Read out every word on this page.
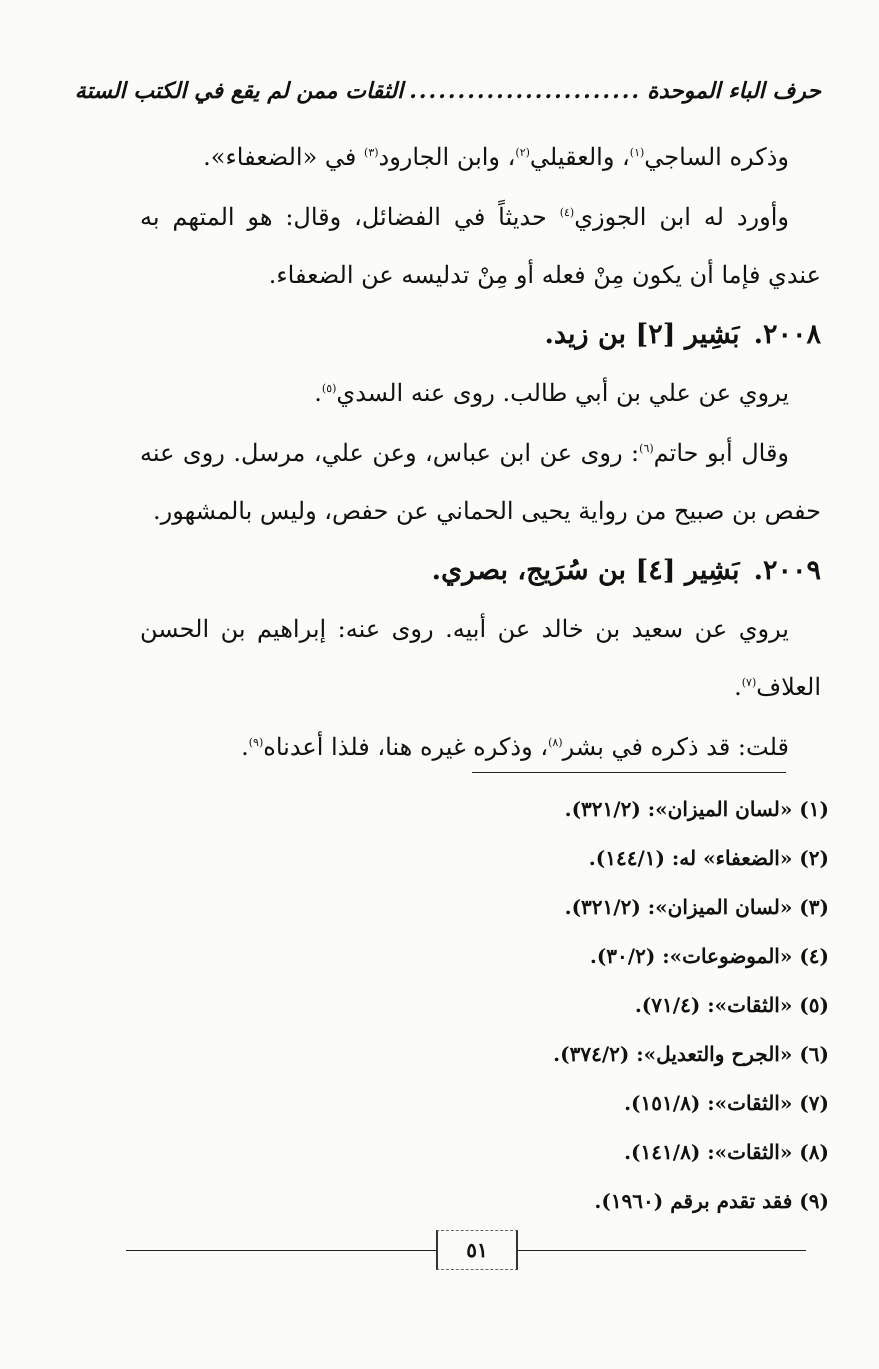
حرف الباء الموحدة
........................
الثقات ممن لم يقع في الكتب الستة

وذكره الساجي$^{(١)}$، والعقيلي$^{(٢)}$، وابن الجارود$^{(٣)}$ في «الضعفاء».

وأورد له ابن الجوزي$^{(٤)}$ حديثاً في الفضائل، وقال: هو المتهم به عندي فإما أن يكون مِنْ فعله أو مِنْ تدليسه عن الضعفاء.

٢٠٠٨.بَشِير [٢] بن زيد.

يروي عن علي بن أبي طالب. روى عنه السدي$^{(٥)}$.

وقال أبو حاتم$^{(٦)}$: روى عن ابن عباس، وعن علي، مرسل. روى عنه حفص بن صبيح من رواية يحيى الحماني عن حفص، وليس بالمشهور.

٢٠٠٩.بَشِير [٤] بن سُرَيج، بصري.

يروي عن سعيد بن خالد عن أبيه. روى عنه: إبراهيم بن الحسن العلاف$^{(٧)}$.

قلت: قد ذكره في بشر$^{(٨)}$، وذكره غيره هنا، فلذا أعدناه$^{(٩)}$.

(١) «لسان الميزان»: (٣٢١/٢).
(٢) «الضعفاء» له: (١٤٤/١).
(٣) «لسان الميزان»: (٣٢١/٢).
(٤) «الموضوعات»: (٣٠/٢).
(٥) «الثقات»: (٧١/٤).
(٦) «الجرح والتعديل»: (٣٧٤/٢).
(٧) «الثقات»: (١٥١/٨).
(٨) «الثقات»: (١٤١/٨).
(٩) فقد تقدم برقم (١٩٦٠).
٥١
